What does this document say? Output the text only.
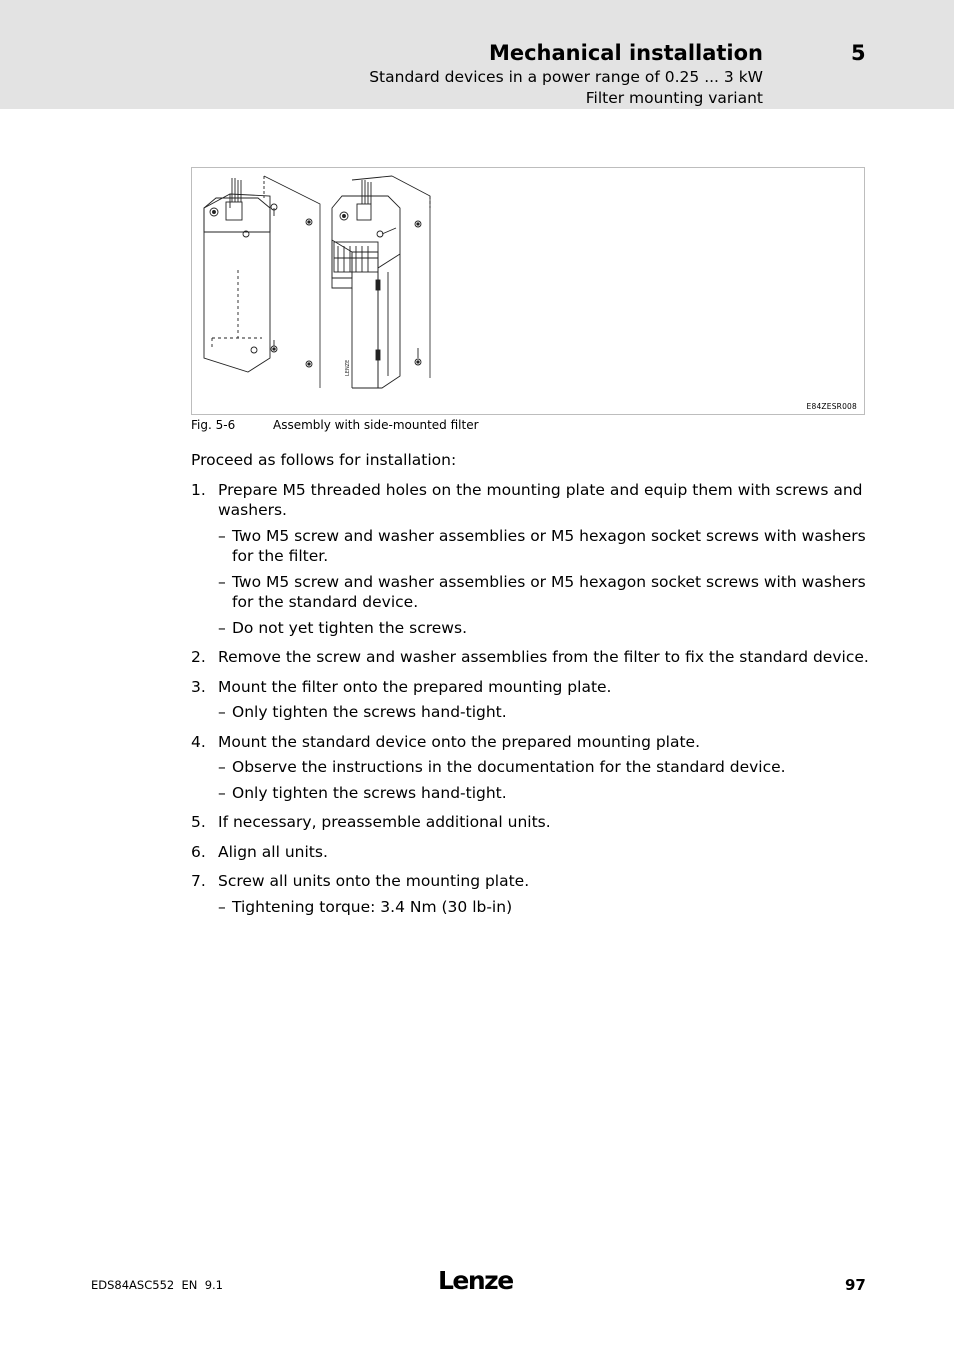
Mechanical installation	5
Standard devices in a power range of 0.25 ... 3 kW
Filter mounting variant
LENZE
E84ZESR008
Fig. 5-6	Assembly with side-mounted filter

Proceed as follows for installation:

1. Prepare M5 threaded holes on the mounting plate and equip them with screws and washers.
– Two M5 screw and washer assemblies or M5 hexagon socket screws with washers for the filter.
– Two M5 screw and washer assemblies or M5 hexagon socket screws with washers for the standard device.
– Do not yet tighten the screws.
2. Remove the screw and washer assemblies from the filter to fix the standard device.
3. Mount the filter onto the prepared mounting plate.
– Only tighten the screws hand-tight.
4. Mount the standard device onto the prepared mounting plate.
– Observe the instructions in the documentation for the standard device.
– Only tighten the screws hand-tight.
5. If necessary, preassemble additional units.
6. Align all units.
7. Screw all units onto the mounting plate.
– Tightening torque: 3.4 Nm (30 lb-in)
EDS84ASC552  EN  9.1	Lenze	97
